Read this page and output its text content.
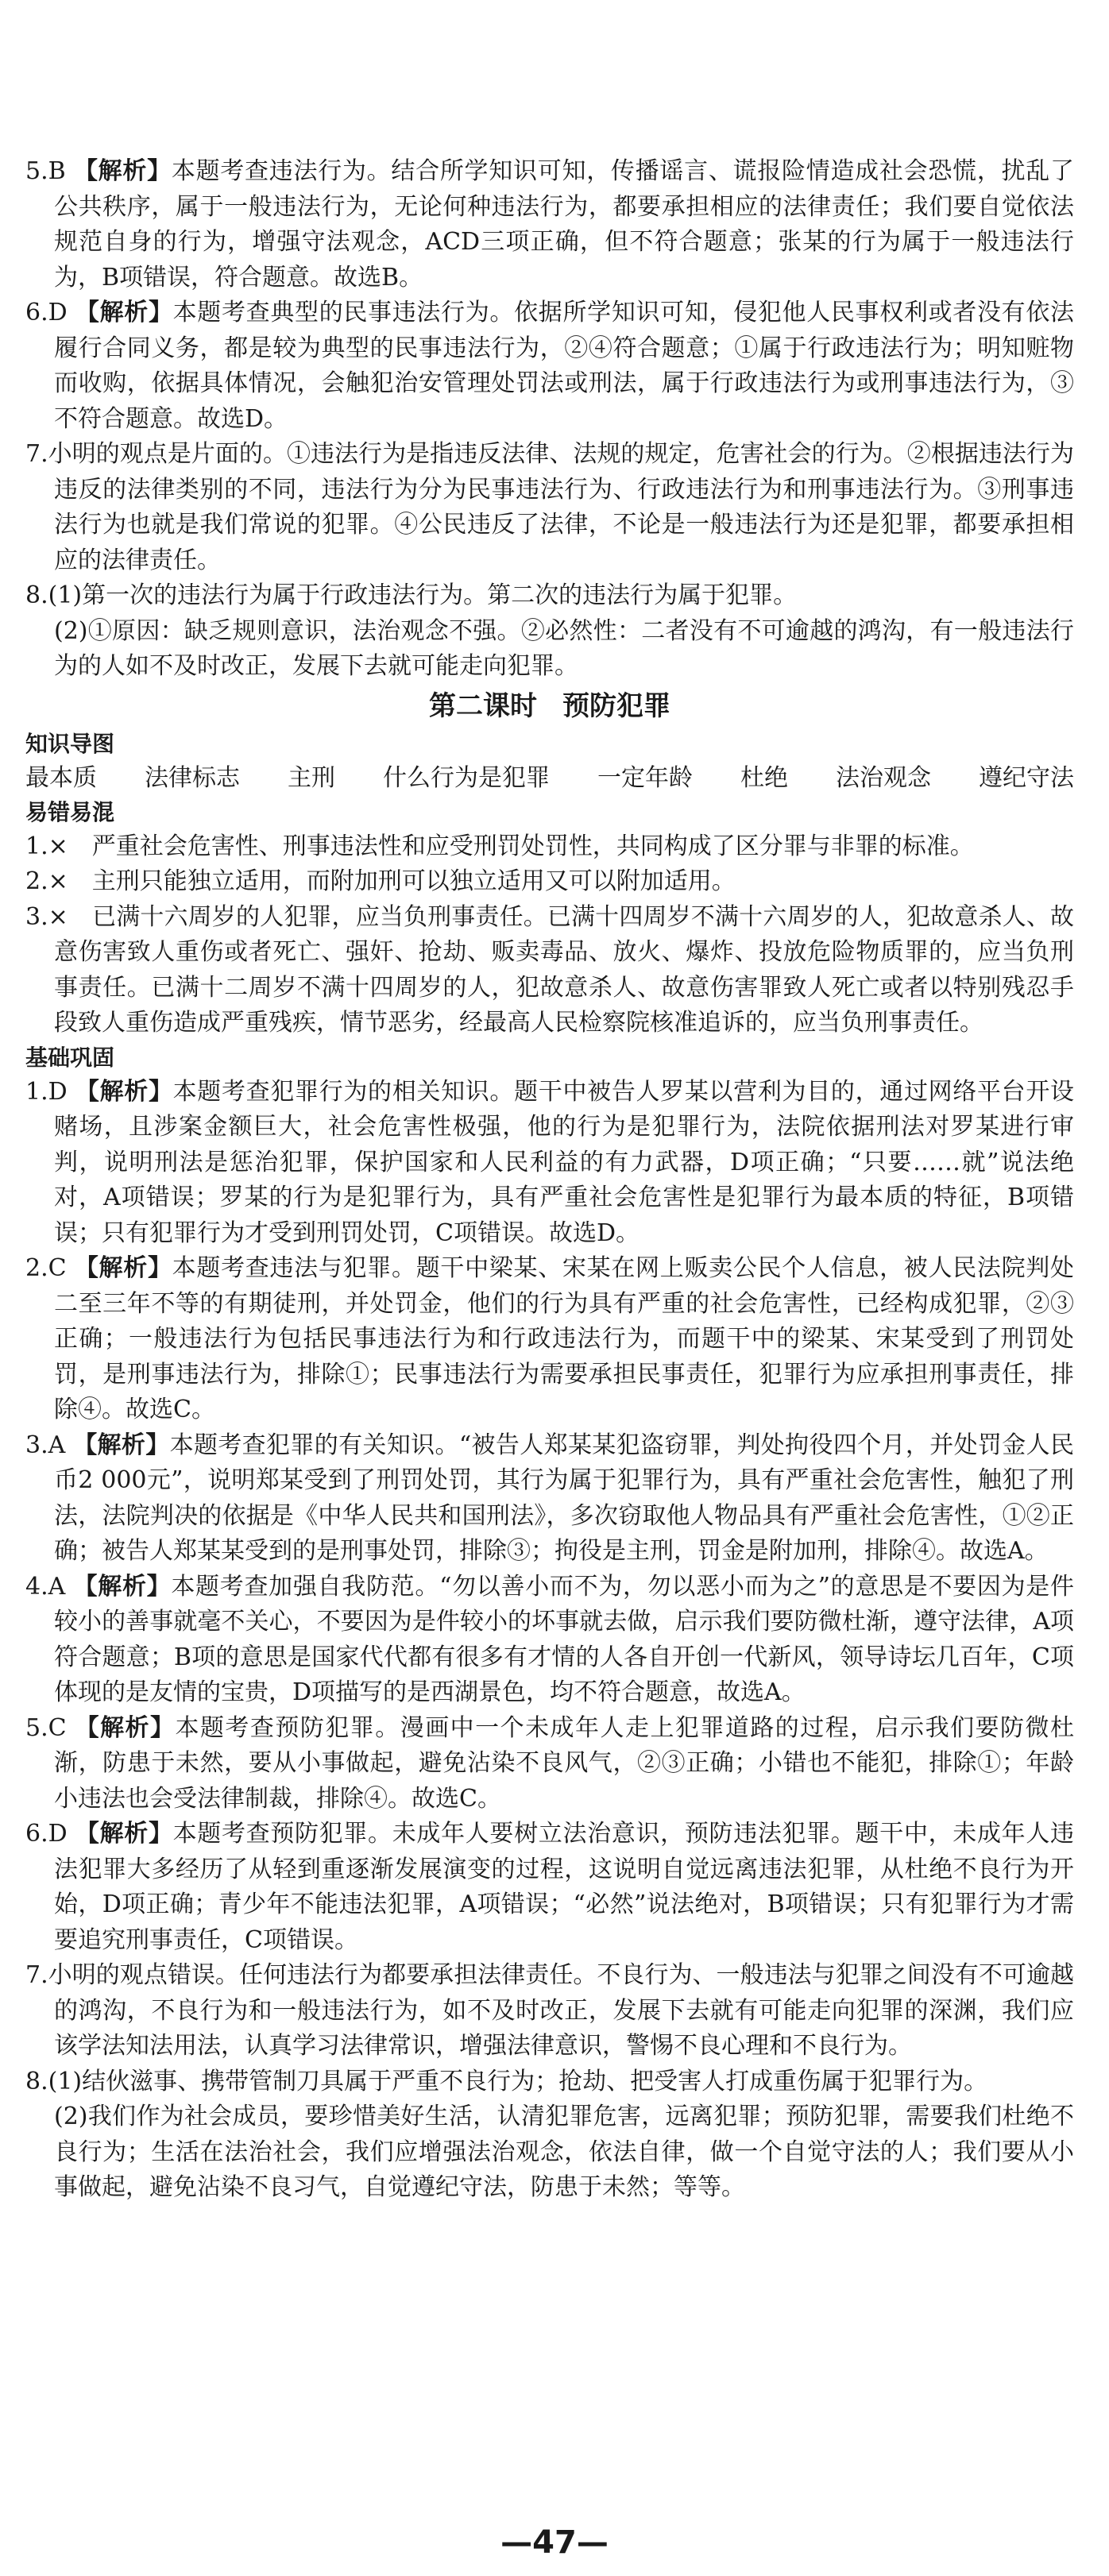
5.B 【解析】本题考查违法行为。结合所学知识可知，传播谣言、谎报险情造成社会恐慌，扰乱了公共秩序，属于一般违法行为，无论何种违法行为，都要承担相应的法律责任；我们要自觉依法规范自身的行为，增强守法观念，ACD三项正确，但不符合题意；张某的行为属于一般违法行为，B项错误，符合题意。故选B。

6.D 【解析】本题考查典型的民事违法行为。依据所学知识可知，侵犯他人民事权利或者没有依法履行合同义务，都是较为典型的民事违法行为，②④符合题意；①属于行政违法行为；明知赃物而收购，依据具体情况，会触犯治安管理处罚法或刑法，属于行政违法行为或刑事违法行为，③不符合题意。故选D。

7.小明的观点是片面的。①违法行为是指违反法律、法规的规定，危害社会的行为。②根据违法行为违反的法律类别的不同，违法行为分为民事违法行为、行政违法行为和刑事违法行为。③刑事违法行为也就是我们常说的犯罪。④公民违反了法律，不论是一般违法行为还是犯罪，都要承担相应的法律责任。

8.(1)第一次的违法行为属于行政违法行为。第二次的违法行为属于犯罪。

(2)①原因：缺乏规则意识，法治观念不强。②必然性：二者没有不可逾越的鸿沟，有一般违法行为的人如不及时改正，发展下去就可能走向犯罪。

第二课时 预防犯罪

知识导图

最本质 法律标志 主刑 什么行为是犯罪 一定年龄 杜绝 法治观念 遵纪守法

易错易混

1.×　 严重社会危害性、刑事违法性和应受刑罚处罚性，共同构成了区分罪与非罪的标准。

2.×　 主刑只能独立适用，而附加刑可以独立适用又可以附加适用。

3.×　 已满十六周岁的人犯罪，应当负刑事责任。已满十四周岁不满十六周岁的人，犯故意杀人、故意伤害致人重伤或者死亡、强奸、抢劫、贩卖毒品、放火、爆炸、投放危险物质罪的，应当负刑事责任。已满十二周岁不满十四周岁的人，犯故意杀人、故意伤害罪致人死亡或者以特别残忍手段致人重伤造成严重残疾，情节恶劣，经最高人民检察院核准追诉的，应当负刑事责任。

基础巩固

1.D 【解析】本题考查犯罪行为的相关知识。题干中被告人罗某以营利为目的，通过网络平台开设赌场，且涉案金额巨大，社会危害性极强，他的行为是犯罪行为，法院依据刑法对罗某进行审判，说明刑法是惩治犯罪，保护国家和人民利益的有力武器，D项正确；“只要……就”说法绝对，A项错误；罗某的行为是犯罪行为，具有严重社会危害性是犯罪行为最本质的特征，B项错误；只有犯罪行为才受到刑罚处罚，C项错误。故选D。

2.C 【解析】本题考查违法与犯罪。题干中梁某、宋某在网上贩卖公民个人信息，被人民法院判处二至三年不等的有期徒刑，并处罚金，他们的行为具有严重的社会危害性，已经构成犯罪，②③正确；一般违法行为包括民事违法行为和行政违法行为，而题干中的梁某、宋某受到了刑罚处罚，是刑事违法行为，排除①；民事违法行为需要承担民事责任，犯罪行为应承担刑事责任，排除④。故选C。

3.A 【解析】本题考查犯罪的有关知识。“被告人郑某某犯盗窃罪，判处拘役四个月，并处罚金人民币2 000元”，说明郑某受到了刑罚处罚，其行为属于犯罪行为，具有严重社会危害性，触犯了刑法，法院判决的依据是《中华人民共和国刑法》，多次窃取他人物品具有严重社会危害性，①②正确；被告人郑某某受到的是刑事处罚，排除③；拘役是主刑，罚金是附加刑，排除④。故选A。

4.A 【解析】本题考查加强自我防范。“勿以善小而不为，勿以恶小而为之”的意思是不要因为是件较小的善事就毫不关心，不要因为是件较小的坏事就去做，启示我们要防微杜渐，遵守法律，A项符合题意；B项的意思是国家代代都有很多有才情的人各自开创一代新风，领导诗坛几百年，C项体现的是友情的宝贵，D项描写的是西湖景色，均不符合题意，故选A。

5.C 【解析】本题考查预防犯罪。漫画中一个未成年人走上犯罪道路的过程，启示我们要防微杜渐，防患于未然，要从小事做起，避免沾染不良风气，②③正确；小错也不能犯，排除①；年龄小违法也会受法律制裁，排除④。故选C。

6.D 【解析】本题考查预防犯罪。未成年人要树立法治意识，预防违法犯罪。题干中，未成年人违法犯罪大多经历了从轻到重逐渐发展演变的过程，这说明自觉远离违法犯罪，从杜绝不良行为开始，D项正确；青少年不能违法犯罪，A项错误；“必然”说法绝对，B项错误；只有犯罪行为才需要追究刑事责任，C项错误。

7.小明的观点错误。任何违法行为都要承担法律责任。不良行为、一般违法与犯罪之间没有不可逾越的鸿沟，不良行为和一般违法行为，如不及时改正，发展下去就有可能走向犯罪的深渊，我们应该学法知法用法，认真学习法律常识，增强法律意识，警惕不良心理和不良行为。

8.(1)结伙滋事、携带管制刀具属于严重不良行为；抢劫、把受害人打成重伤属于犯罪行为。

(2)我们作为社会成员，要珍惜美好生活，认清犯罪危害，远离犯罪；预防犯罪，需要我们杜绝不良行为；生活在法治社会，我们应增强法治观念，依法自律，做一个自觉守法的人；我们要从小事做起，避免沾染不良习气，自觉遵纪守法，防患于未然；等等。

—47—
